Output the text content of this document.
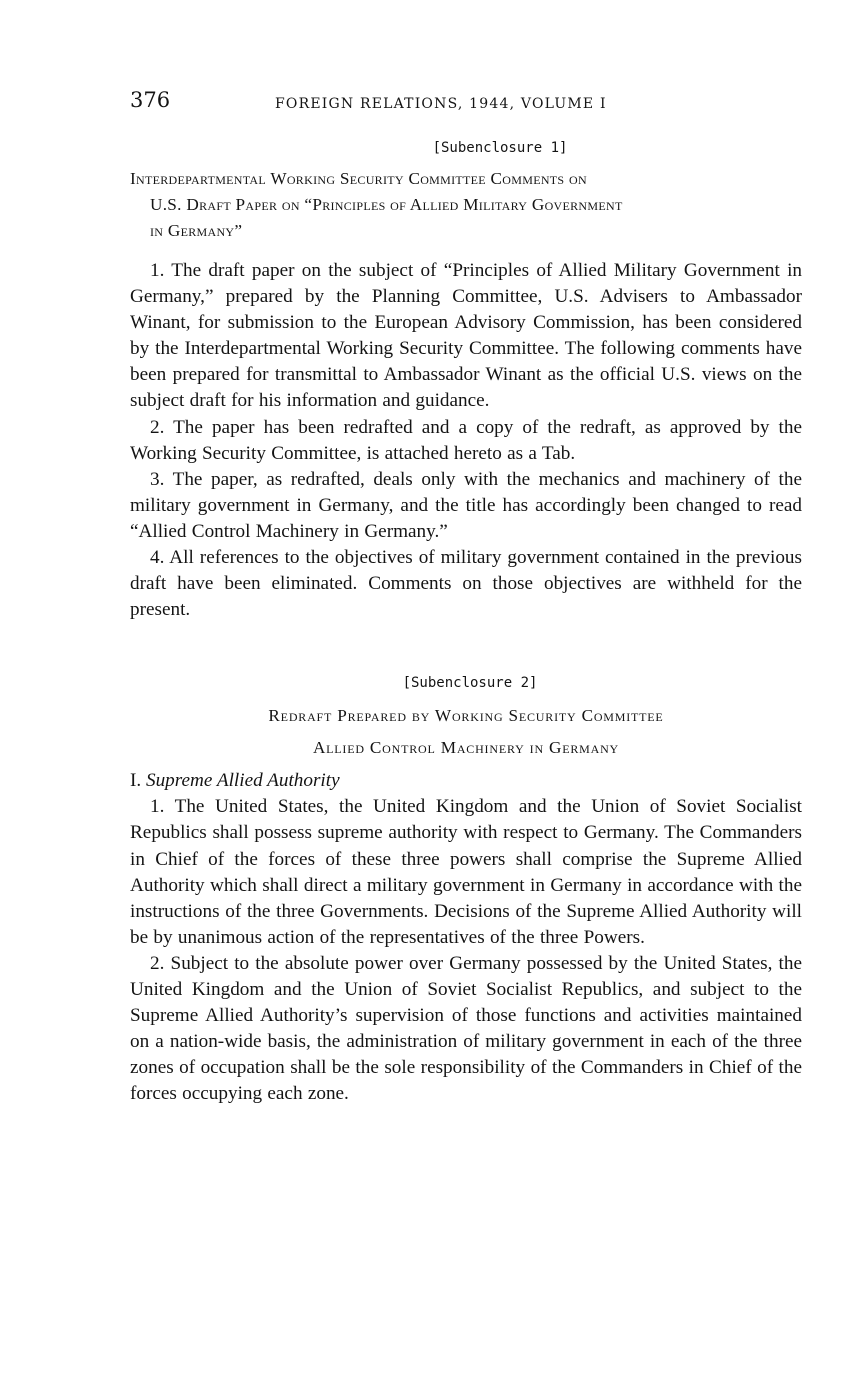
376	FOREIGN RELATIONS, 1944, VOLUME I
[Subenclosure 1]
Interdepartmental Working Security Committee Comments on
U.S. Draft Paper on “Principles of Allied Military Government
in Germany”

1. The draft paper on the subject of “Principles of Allied Military Government in Germany,” prepared by the Planning Committee, U.S. Advisers to Ambassador Winant, for submission to the European Advisory Commission, has been considered by the Interdepartmental Working Security Committee. The following comments have been prepared for transmittal to Ambassador Winant as the official U.S. views on the subject draft for his information and guidance.

2. The paper has been redrafted and a copy of the redraft, as approved by the Working Security Committee, is attached hereto as a Tab.

3. The paper, as redrafted, deals only with the mechanics and machinery of the military government in Germany, and the title has accordingly been changed to read “Allied Control Machinery in Germany.”

4. All references to the objectives of military government contained in the previous draft have been eliminated. Comments on those objectives are withheld for the present.

[Subenclosure 2]
Redraft Prepared by Working Security Committee
Allied Control Machinery in Germany
I. Supreme Allied Authority

1. The United States, the United Kingdom and the Union of Soviet Socialist Republics shall possess supreme authority with respect to Germany. The Commanders in Chief of the forces of these three powers shall comprise the Supreme Allied Authority which shall direct a military government in Germany in accordance with the instructions of the three Governments. Decisions of the Supreme Allied Authority will be by unanimous action of the representatives of the three Powers.

2. Subject to the absolute power over Germany possessed by the United States, the United Kingdom and the Union of Soviet Socialist Republics, and subject to the Supreme Allied Authority’s supervision of those functions and activities maintained on a nation-wide basis, the administration of military government in each of the three zones of occupation shall be the sole responsibility of the Commanders in Chief of the forces occupying each zone.
